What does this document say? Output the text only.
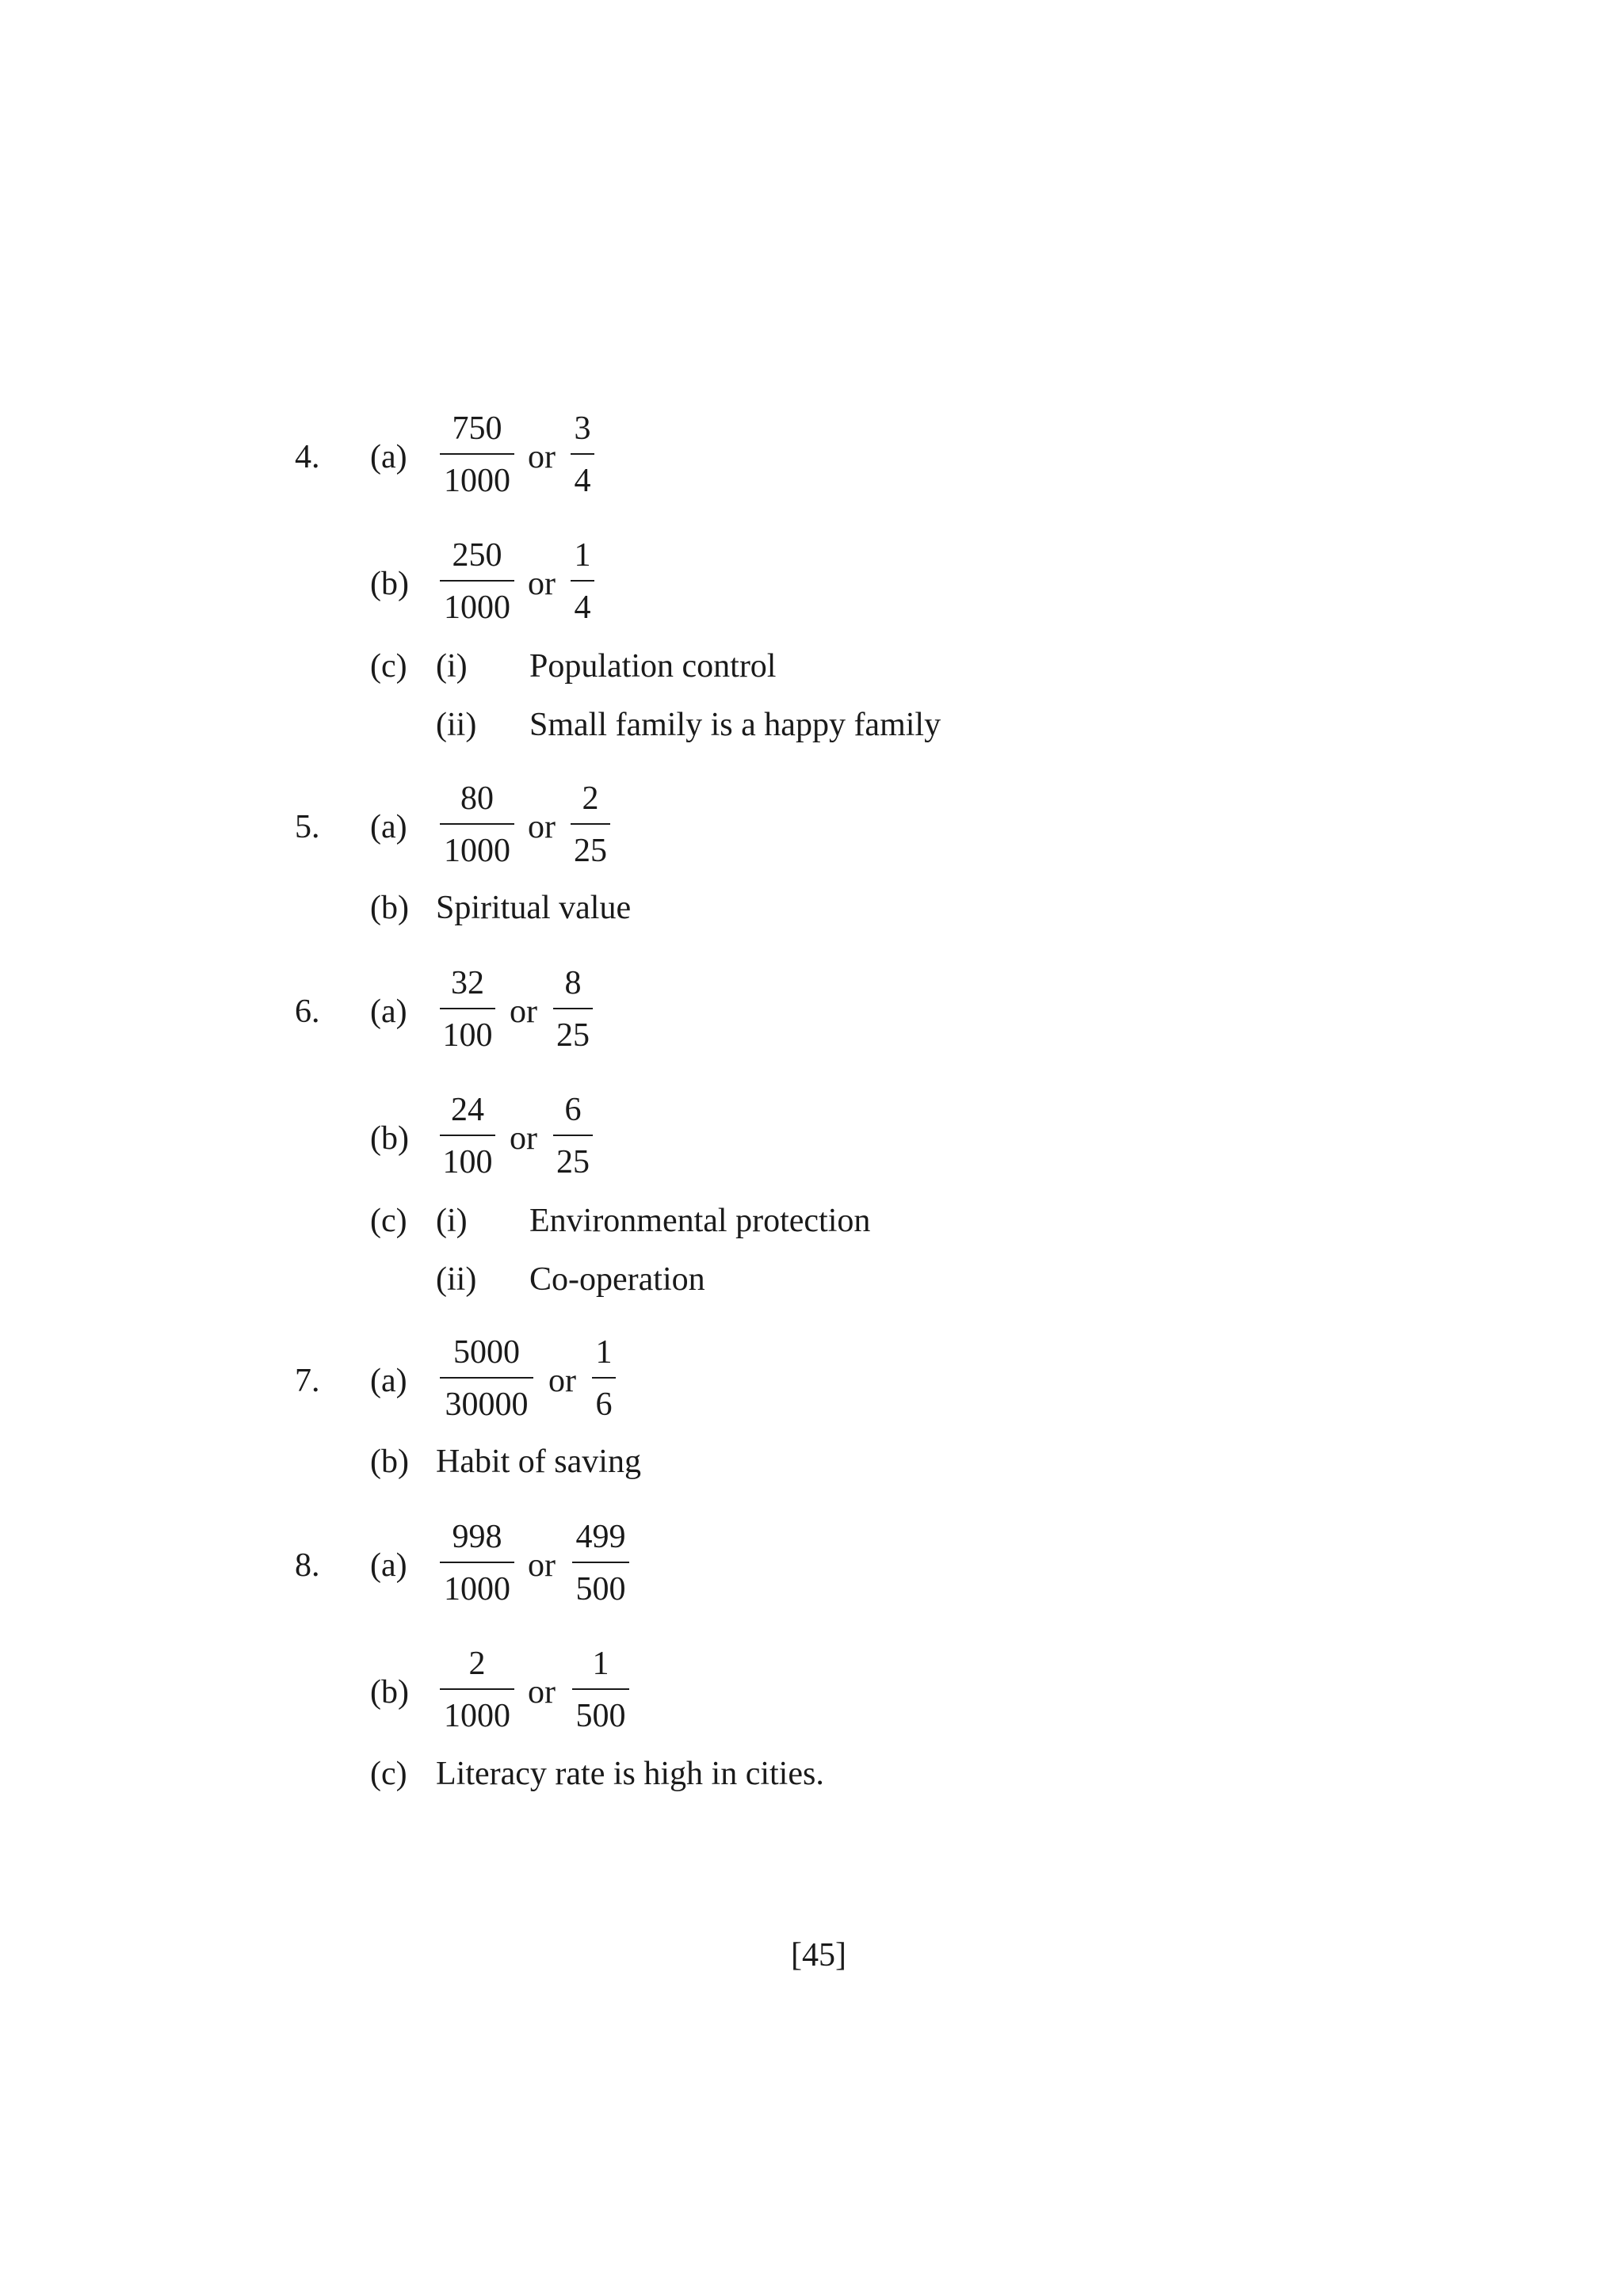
4. (a)
750
1000
or
3
4
(b)
250
1000
or
1
4
(c) (i) Population control
(ii) Small family is a happy family
5. (a)
80
1000
or
2
25
(b) Spiritual value
6. (a)
32
100
or
8
25
(b)
24
100
or
6
25
(c) (i) Environmental protection
(ii) Co-operation
7. (a)
5000
30000
or
1
6
(b) Habit of saving
8. (a)
998
1000
or
499
500
(b)
2
1000
or
1
500
(c) Literacy rate is high in cities.
[45]
